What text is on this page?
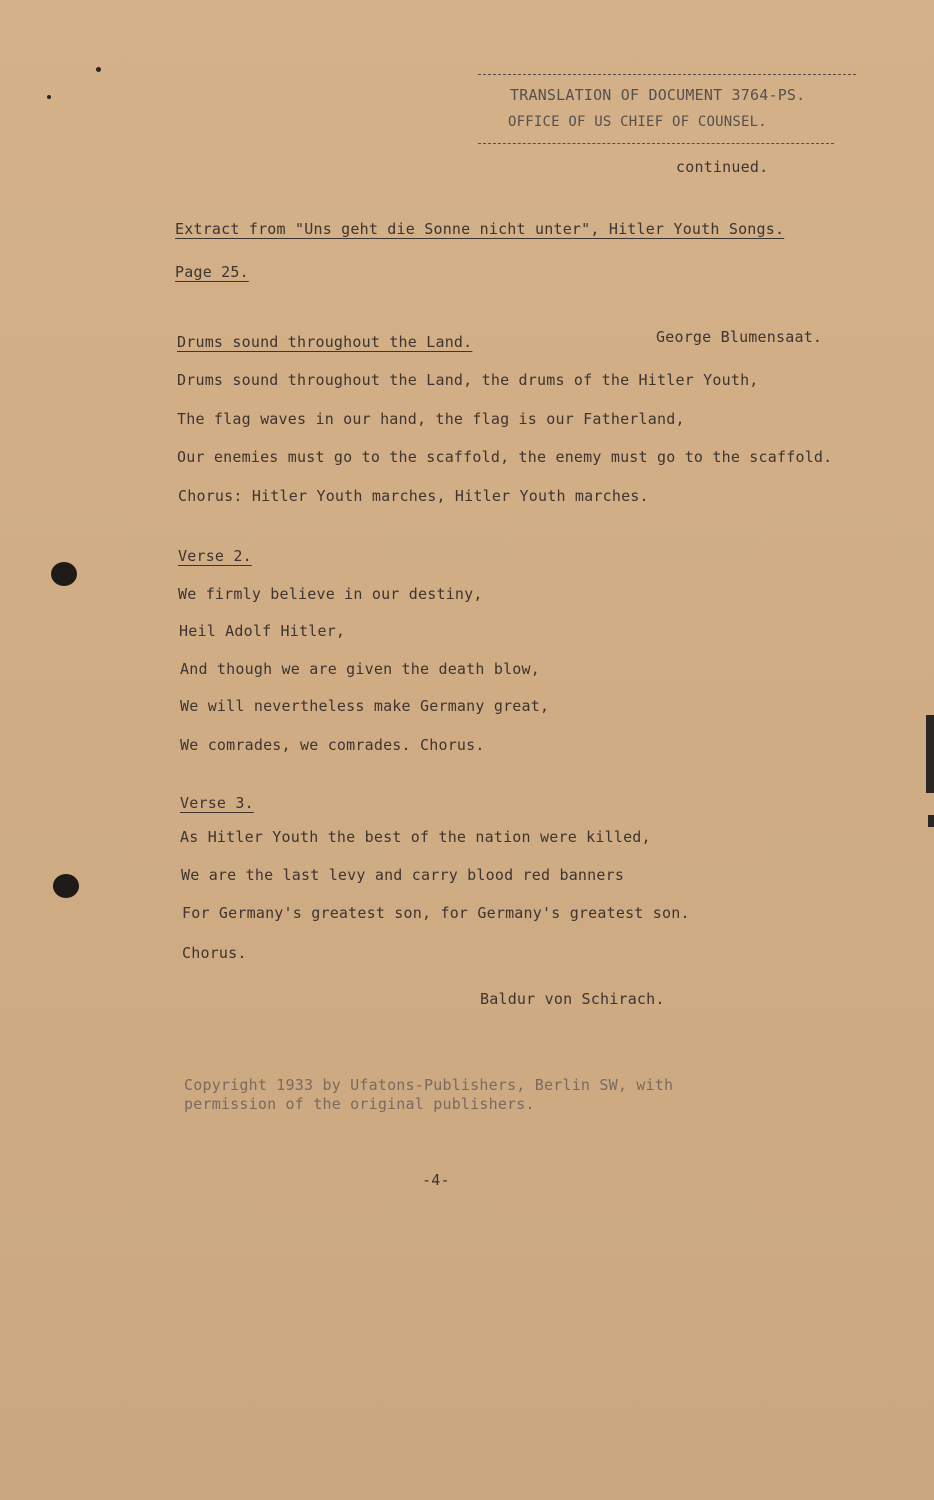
TRANSLATION OF DOCUMENT 3764-PS.
OFFICE OF US CHIEF OF COUNSEL.
continued.
Extract from "Uns geht die Sonne nicht unter", Hitler Youth Songs.
Page 25.
Drums sound throughout the Land.	George Blumensaat.
Drums sound throughout the Land, the drums of the Hitler Youth,
The flag waves in our hand, the flag is our Fatherland,
Our enemies must go to the scaffold, the enemy must go to the scaffold.
Chorus: Hitler Youth marches, Hitler Youth marches.
Verse 2.
We firmly believe in our destiny,
Heil Adolf Hitler,
And though we are given the death blow,
We will nevertheless make Germany great,
We comrades, we comrades. Chorus.
Verse 3.
As Hitler Youth the best of the nation were killed,
We are the last levy and carry blood red banners
For Germany's greatest son, for Germany's greatest son.
Chorus.
Baldur von Schirach.
Copyright 1933 by Ufatons-Publishers, Berlin SW, with
permission of the original publishers.
-4-
